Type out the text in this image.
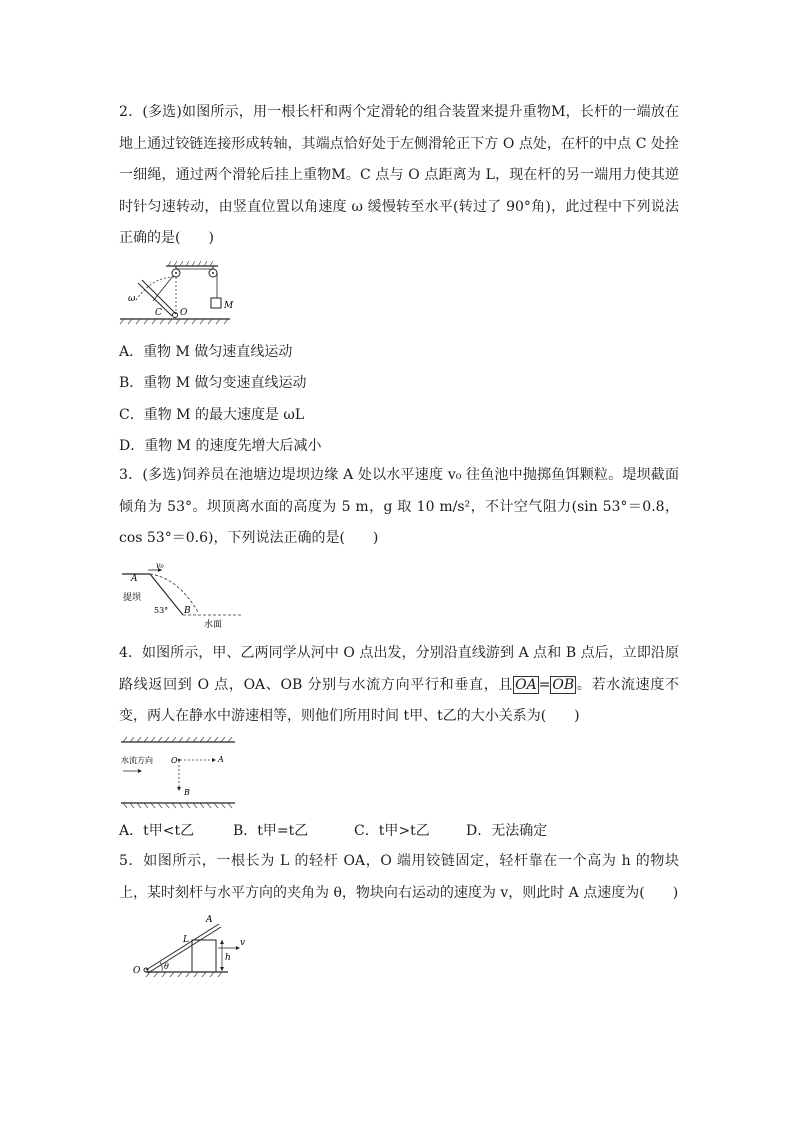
2．(多选)如图所示，用一根长杆和两个定滑轮的组合装置来提升重物M，长杆的一端放在地上通过铰链连接形成转轴，其端点恰好处于左侧滑轮正下方 O 点处，在杆的中点 C 处拴一细绳，通过两个滑轮后挂上重物M。C 点与 O 点距离为 L，现在杆的另一端用力使其逆时针匀速转动，由竖直位置以角速度 ω 缓慢转至水平(转过了 90°角)，此过程中下列说法正确的是(　　)

M
ω
C O

A．重物 M 做匀速直线运动

B．重物 M 做匀变速直线运动

C．重物 M 的最大速度是 ωL

D．重物 M 的速度先增大后减小

3．(多选)饲养员在池塘边堤坝边缘 A 处以水平速度 v₀ 往鱼池中抛掷鱼饵颗粒。堤坝截面倾角为 53°。坝顶离水面的高度为 5 m，g 取 10 m/s²，不计空气阻力(sin 53°＝0.8，cos 53°＝0.6)，下列说法正确的是(　　)

v₀
A
提坝
53° B
水面

4．如图所示，甲、乙两同学从河中 O 点出发，分别沿直线游到 A 点和 B 点后，立即沿原路线返回到 O 点，OA、OB 分别与水流方向平行和垂直，且 OA = OB 。若水流速度不变，两人在静水中游速相等，则他们所用时间 t甲、t乙的大小关系为(　　)

水流方向 O	A
B
A．t甲<t乙	B．t甲=t乙	C．t甲>t乙	D．无法确定

5．如图所示，一根长为 L 的轻杆 OA，O 端用铰链固定，轻杆靠在一个高为 h 的物块上，某时刻杆与水平方向的夹角为 θ，物块向右运动的速度为 v，则此时 A 点速度为(　　)

A
L	v
h
O	θ
